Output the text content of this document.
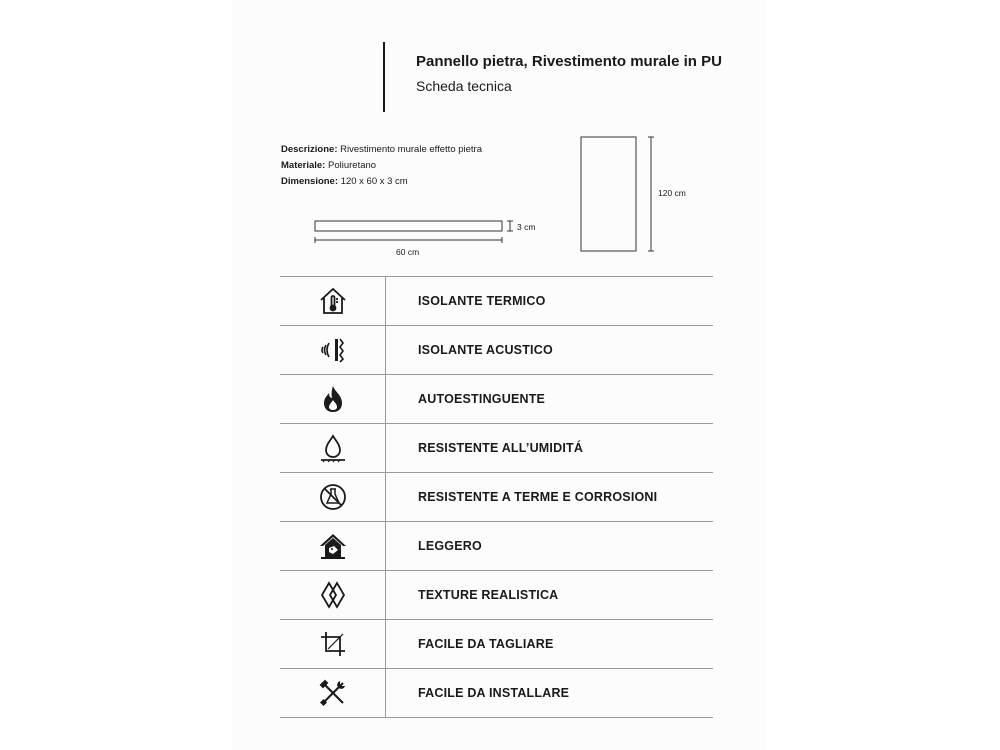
Pannello pietra, Rivestimento murale in PU
Scheda tecnica
Descrizione: Rivestimento murale effetto pietra
Materiale: Poliuretano
Dimensione: 120 x 60 x 3 cm
3 cm
60 cm
120 cm
ISOLANTE TERMICO
ISOLANTE ACUSTICO
AUTOESTINGUENTE
RESISTENTE ALL’UMIDITÁ
RESISTENTE A TERME E CORROSIONI
LEGGERO
TEXTURE REALISTICA
FACILE DA TAGLIARE
FACILE DA INSTALLARE
